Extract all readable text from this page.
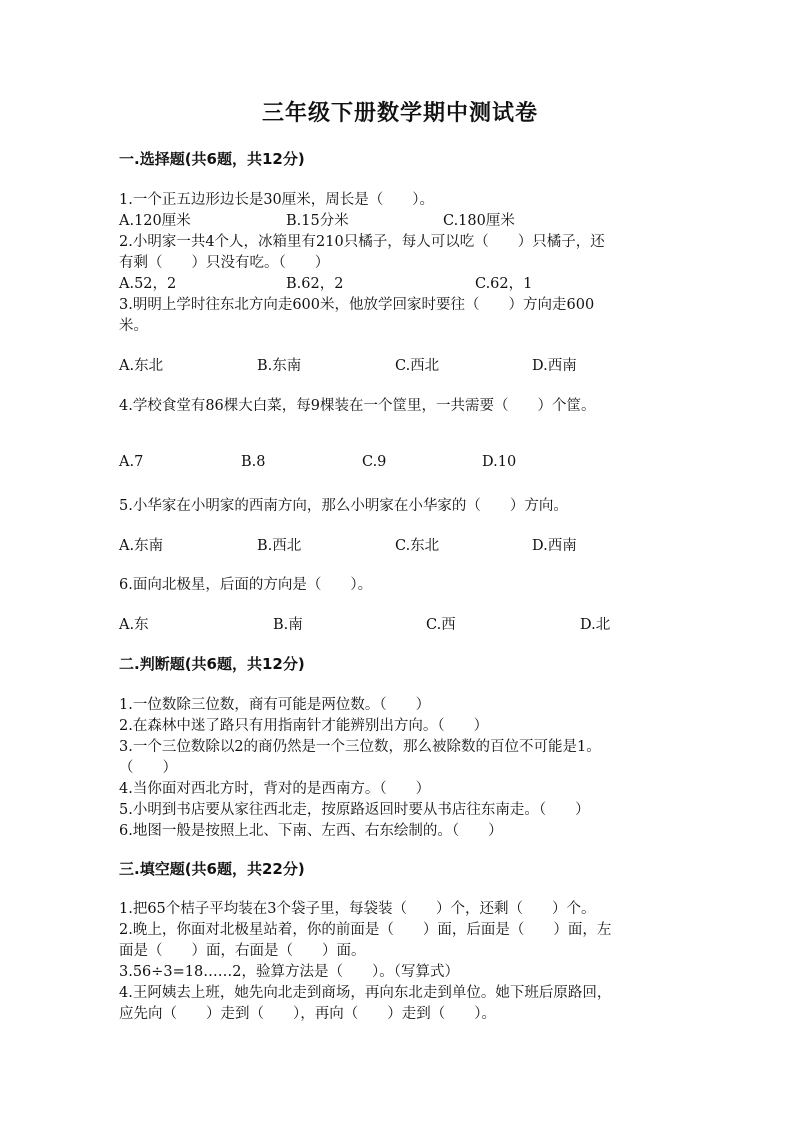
三年级下册数学期中测试卷
一.选择题(共6题，共12分)
1.一个正五边形边长是30厘米，周长是（　　）。
A.120厘米	B.15分米	C.180厘米
2.小明家一共4个人，冰箱里有210只橘子，每人可以吃（　　）只橘子，还
有剩（　　）只没有吃。（　　）
A.52，2	B.62，2	C.62，1
3.明明上学时往东北方向走600米，他放学回家时要往（　　）方向走600
米。
A.东北	B.东南	C.西北	D.西南
4.学校食堂有86棵大白菜，每9棵装在一个筐里，一共需要（　　）个筐。
A.7	B.8	C.9	D.10
5.小华家在小明家的西南方向，那么小明家在小华家的（　　）方向。
A.东南	B.西北	C.东北	D.西南
6.面向北极星，后面的方向是（　　）。
A.东	B.南	C.西	D.北
二.判断题(共6题，共12分)
1.一位数除三位数，商有可能是两位数。（　　）
2.在森林中迷了路只有用指南针才能辨别出方向。（　　）
3.一个三位数除以2的商仍然是一个三位数，那么被除数的百位不可能是1。
（　　）
4.当你面对西北方时，背对的是西南方。（　　）
5.小明到书店要从家往西北走，按原路返回时要从书店往东南走。（　　）
6.地图一般是按照上北、下南、左西、右东绘制的。（　　）
三.填空题(共6题，共22分)
1.把65个桔子平均装在3个袋子里，每袋装（　　）个，还剩（　　）个。
2.晚上，你面对北极星站着，你的前面是（　　）面，后面是（　　）面，左
面是（　　）面，右面是（　　）面。
3.56÷3=18……2，验算方法是（　　）。（写算式）
4.王阿姨去上班，她先向北走到商场，再向东北走到单位。她下班后原路回，
应先向（　　）走到（　　），再向（　　）走到（　　）。
